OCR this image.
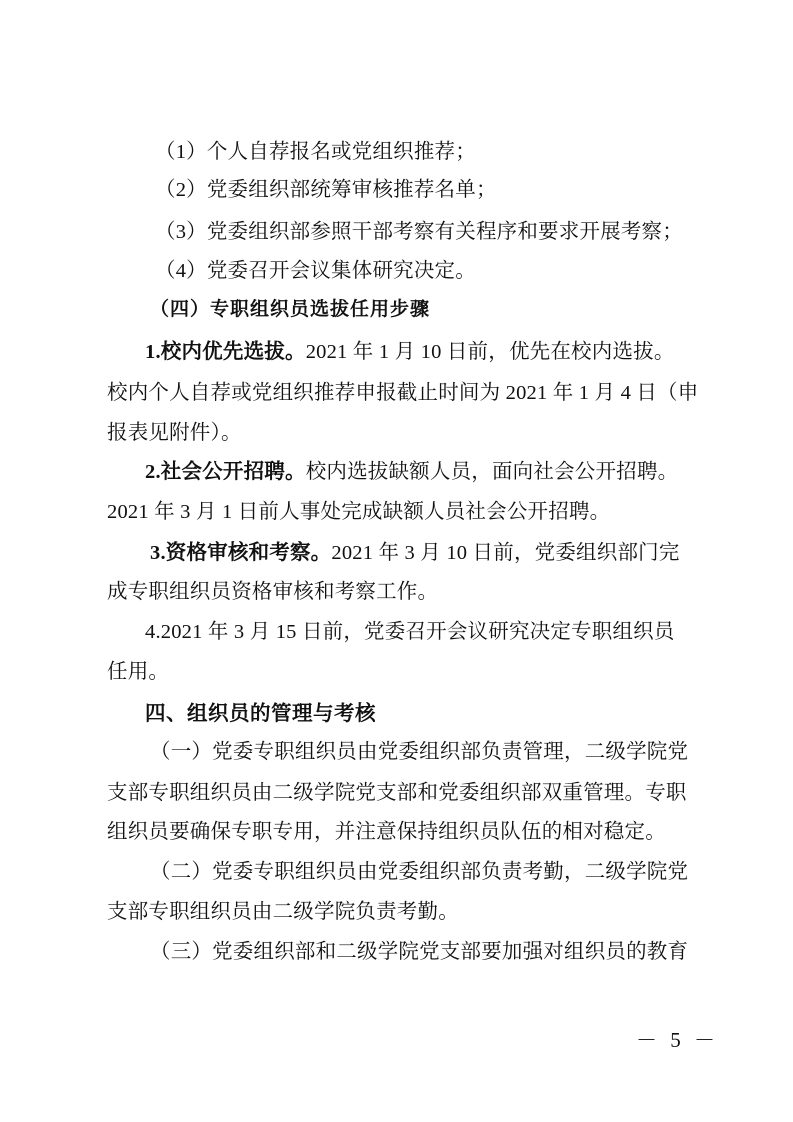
（1）个人自荐报名或党组织推荐；
（2）党委组织部统筹审核推荐名单；
（3）党委组织部参照干部考察有关程序和要求开展考察；
（4）党委召开会议集体研究决定。
（四）专职组织员选拔任用步骤
1.校内优先选拔。2021 年 1 月 10 日前，优先在校内选拔。
校内个人自荐或党组织推荐申报截止时间为 2021 年 1 月 4 日（申
报表见附件）。
2.社会公开招聘。校内选拔缺额人员，面向社会公开招聘。
2021 年 3 月 1 日前人事处完成缺额人员社会公开招聘。
3.资格审核和考察。2021 年 3 月 10 日前，党委组织部门完
成专职组织员资格审核和考察工作。
4.2021 年 3 月 15 日前，党委召开会议研究决定专职组织员
任用。
四、组织员的管理与考核
（一）党委专职组织员由党委组织部负责管理，二级学院党
支部专职组织员由二级学院党支部和党委组织部双重管理。专职
组织员要确保专职专用，并注意保持组织员队伍的相对稳定。
（二）党委专职组织员由党委组织部负责考勤，二级学院党
支部专职组织员由二级学院负责考勤。
（三）党委组织部和二级学院党支部要加强对组织员的教育
－ 5 －
